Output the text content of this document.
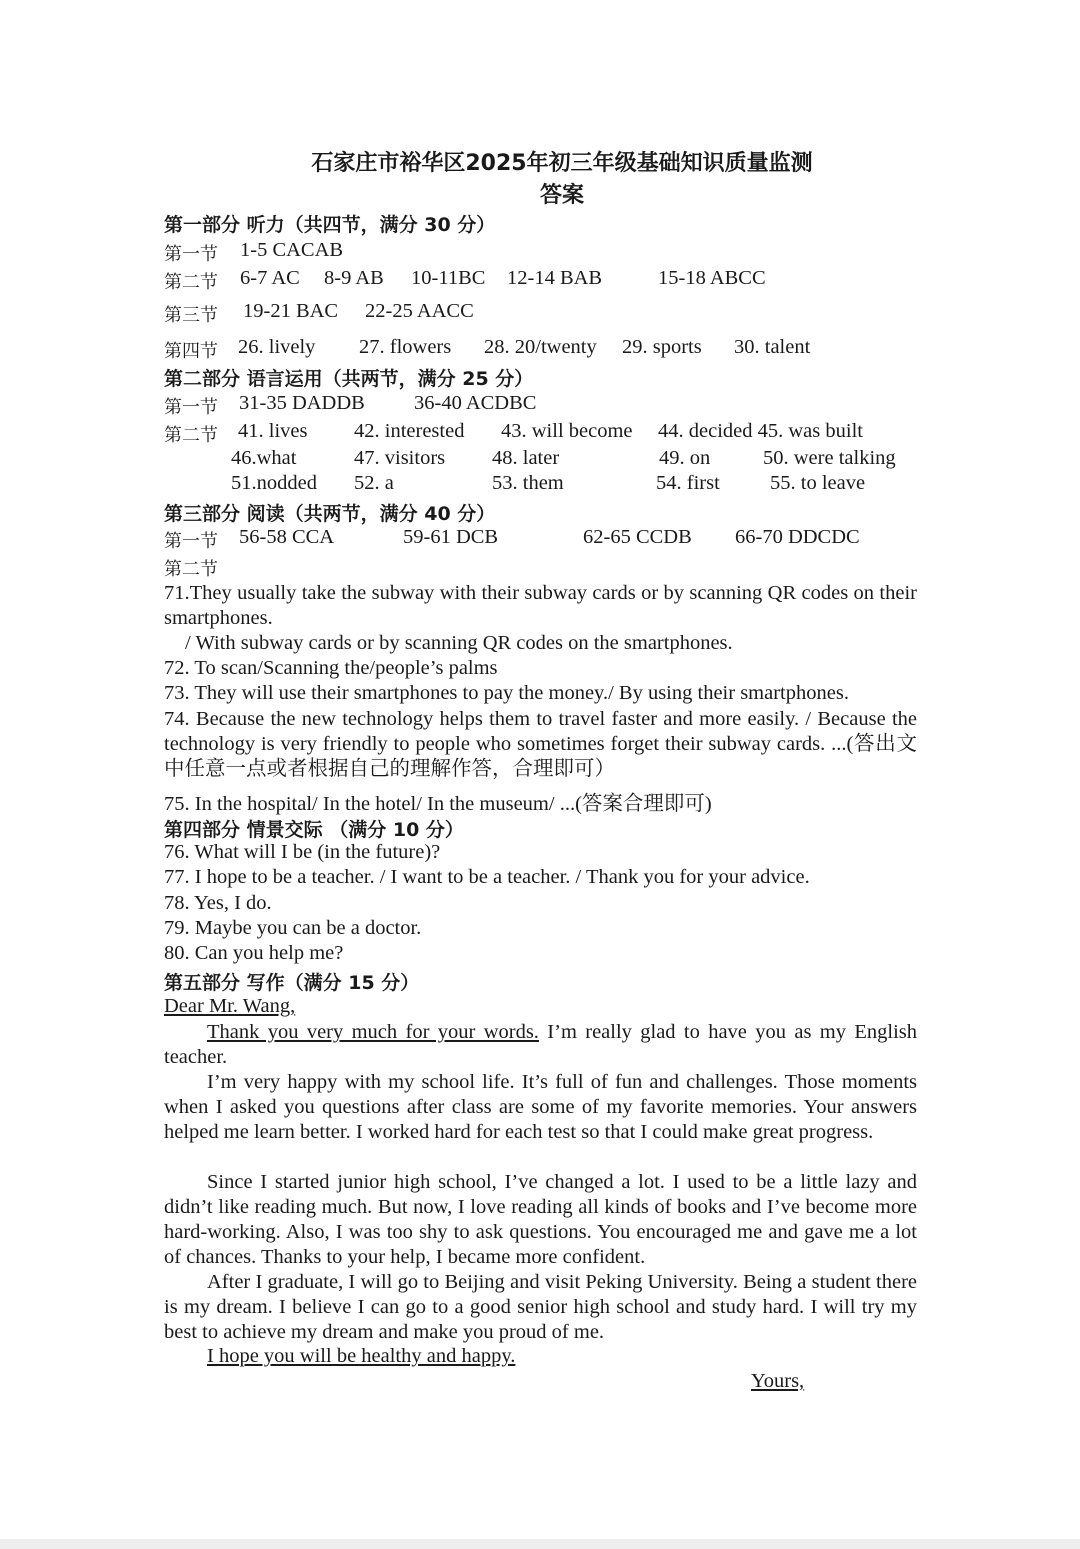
石家庄市裕华区2025年初三年级基础知识质量监测
答案
第一部分 听力（共四节，满分 30 分）
第一节 1-5 CACAB
第二节 6-7 AC 8-9 AB 10-11BC 12-14 BAB	15-18 ABCC
第三节 19-21 BAC 22-25 AACC
第四节 26. lively 27. flowers 28. 20/twenty 29. sports 30. talent
第二部分 语言运用（共两节，满分 25 分）
第一节 31-35 DADDB 36-40 ACDBC
第二节 41. lives 42. interested 43. will become 44. decided 45. was built
46.what	47. visitors 48. later	49. on	50. were talking
51.nodded 52. a	53. them	54. first 55. to leave
第三部分 阅读（共两节，满分 40 分）
第一节 56-58 CCA	59-61 DCB	62-65 CCDB 66-70 DDCDC
第二节
71.They usually take the subway with their subway cards or by scanning QR codes on their smartphones.
/ With subway cards or by scanning QR codes on the smartphones.
72. To scan/Scanning the/people’s palms
73. They will use their smartphones to pay the money./ By using their smartphones.
74. Because the new technology helps them to travel faster and more easily. / Because the technology is very friendly to people who sometimes forget their subway cards. ...(答出文中任意一点或者根据自己的理解作答，合理即可）
75. In the hospital/ In the hotel/ In the museum/ ...(答案合理即可)
第四部分 情景交际 （满分 10 分）
76. What will I be (in the future)?
77. I hope to be a teacher. / I want to be a teacher. / Thank you for your advice.
78. Yes, I do.
79. Maybe you can be a doctor.
80. Can you help me?
第五部分 写作（满分 15 分）
Dear Mr. Wang,
Thank you very much for your words. I’m really glad to have you as my English teacher.
I’m very happy with my school life. It’s full of fun and challenges. Those moments when I asked you questions after class are some of my favorite memories. Your answers helped me learn better. I worked hard for each test so that I could make great progress.
Since I started junior high school, I’ve changed a lot. I used to be a little lazy and didn’t like reading much. But now, I love reading all kinds of books and I’ve become more hard-working. Also, I was too shy to ask questions. You encouraged me and gave me a lot of chances. Thanks to your help, I became more confident.
After I graduate, I will go to Beijing and visit Peking University. Being a student there is my dream. I believe I can go to a good senior high school and study hard. I will try my best to achieve my dream and make you proud of me.
I hope you will be healthy and happy.
Yours,
